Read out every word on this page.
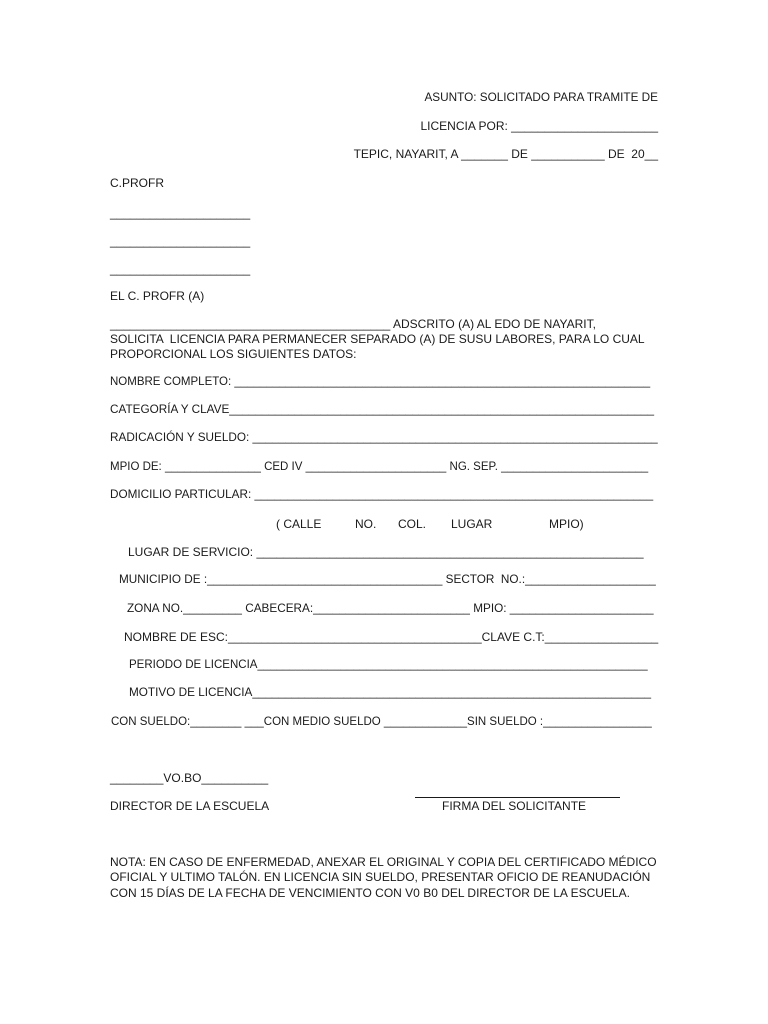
ASUNTO: SOLICITADO PARA TRAMITE DE
LICENCIA POR: ______________________
TEPIC, NAYARIT, A _______ DE ___________ DE  20__
C.PROFR
_____________________
_____________________
_____________________
EL C. PROFR (A)
__________________________________________ ADSCRITO (A) AL EDO DE NAYARIT,
SOLICITA  LICENCIA PARA PERMANECER SEPARADO (A) DE SUSU LABORES, PARA LO CUAL
PROPORCIONAL LOS SIGUIENTES DATOS:
NOMBRE COMPLETO: _________________________________________________________________
CATEGORÍA Y CLAVE_________________________________________________________________
RADICACIÓN Y SUELDO: ______________________________________________________________
MPIO DE: _______________ CED IV ______________________ NG. SEP. _______________________
DOMICILIO PARTICULAR: _____________________________________________________________
( CALLE	NO. COL. LUGAR	MPIO)
LUGAR DE SERVICIO: __________________________________________________________
MUNICIPIO DE :____________________________________ SECTOR  NO.:____________________
ZONA NO._________ CABECERA:________________________ MPIO: ______________________
NOMBRE DE ESC:______________________________________CLAVE C.T:_________________
PERIODO DE LICENCIA_____________________________________________________________
MOTIVO DE LICENCIA_____________________________________________________________
CON SUELDO:________ ___CON MEDIO SUELDO _____________SIN SUELDO :_________________
________VO.BO__________
DIRECTOR DE LA ESCUELA	FIRMA DEL SOLICITANTE
NOTA: EN CASO DE ENFERMEDAD, ANEXAR EL ORIGINAL Y COPIA DEL CERTIFICADO MÉDICO
OFICIAL Y ULTIMO TALÓN. EN LICENCIA SIN SUELDO, PRESENTAR OFICIO DE REANUDACIÓN
CON 15 DÍAS DE LA FECHA DE VENCIMIENTO CON V0 B0 DEL DIRECTOR DE LA ESCUELA.
